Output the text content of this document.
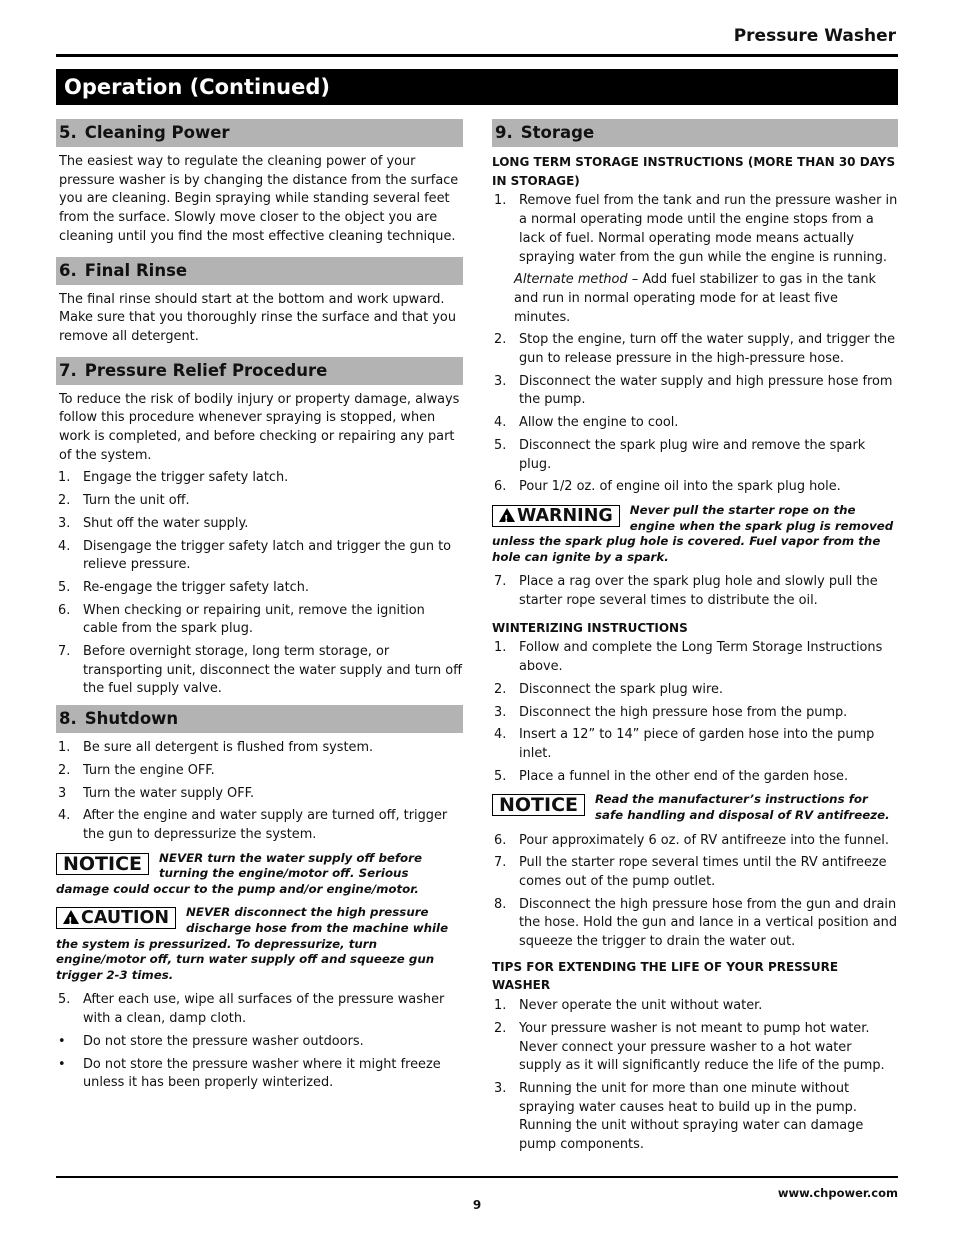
Pressure Washer
Operation (Continued)
5. Cleaning Power

The easiest way to regulate the cleaning power of your pressure washer is by changing the distance from the surface you are cleaning. Begin spraying while standing several feet from the surface. Slowly move closer to the object you are cleaning until you find the most effective cleaning technique.

6. Final Rinse

The final rinse should start at the bottom and work upward. Make sure that you thoroughly rinse the surface and that you remove all detergent.

7. Pressure Relief Procedure

To reduce the risk of bodily injury or property damage, always follow this procedure whenever spraying is stopped, when work is completed, and before checking or repairing any part of the system.

1. Engage the trigger safety latch.
2. Turn the unit off.
3. Shut off the water supply.
4. Disengage the trigger safety latch and trigger the gun to relieve pressure.
5. Re-engage the trigger safety latch.
6. When checking or repairing unit, remove the ignition cable from the spark plug.
7. Before overnight storage, long term storage, or transporting unit, disconnect the water supply and turn off the fuel supply valve.
8. Shutdown
1. Be sure all detergent is flushed from system.
2. Turn the engine OFF.
3	Turn the water supply OFF.
4. After the engine and water supply are turned off, trigger the gun to depressurize the system.
NOTICE	NEVER turn the water supply off before turning the engine/motor off. Serious damage could occur to the pump and/or engine/motor.
!CAUTION	NEVER disconnect the high pressure discharge hose from the machine while the system is pressurized. To depressurize, turn engine/motor off, turn water supply off and squeeze gun trigger 2-3 times.
5. After each use, wipe all surfaces of the pressure washer with a clean, damp cloth.
•	Do not store the pressure washer outdoors.
•	Do not store the pressure washer where it might freeze unless it has been properly winterized.
9. Storage
LONG TERM STORAGE INSTRUCTIONS (MORE THAN 30 DAYS IN STORAGE)
1. Remove fuel from the tank and run the pressure washer in a normal operating mode until the engine stops from a lack of fuel. Normal operating mode means actually spraying water from the gun while the engine is running.
Alternate method – Add fuel stabilizer to gas in the tank and run in normal operating mode for at least five minutes.
2. Stop the engine, turn off the water supply, and trigger the gun to release pressure in the high-pressure hose.
3. Disconnect the water supply and high pressure hose from the pump.
4. Allow the engine to cool.
5. Disconnect the spark plug wire and remove the spark plug.
6. Pour 1/2 oz. of engine oil into the spark plug hole.
!WARNING	Never pull the starter rope on the engine when the spark plug is removed unless the spark plug hole is covered. Fuel vapor from the hole can ignite by a spark.
7. Place a rag over the spark plug hole and slowly pull the starter rope several times to distribute the oil.
WINTERIZING INSTRUCTIONS
1. Follow and complete the Long Term Storage Instructions above.
2. Disconnect the spark plug wire.
3. Disconnect the high pressure hose from the pump.
4. Insert a 12” to 14” piece of garden hose into the pump inlet.
5. Place a funnel in the other end of the garden hose.
NOTICE	Read the manufacturer’s instructions for safe handling and disposal of RV antifreeze.
6. Pour approximately 6 oz. of RV antifreeze into the funnel.
7. Pull the starter rope several times until the RV antifreeze comes out of the pump outlet.
8. Disconnect the high pressure hose from the gun and drain the hose. Hold the gun and lance in a vertical position and squeeze the trigger to drain the water out.
TIPS FOR EXTENDING THE LIFE OF YOUR PRESSURE WASHER
1. Never operate the unit without water.
2. Your pressure washer is not meant to pump hot water. Never connect your pressure washer to a hot water supply as it will significantly reduce the life of the pump.
3. Running the unit for more than one minute without spraying water causes heat to build up in the pump. Running the unit without spraying water can damage pump components.
www.chpower.com
9
